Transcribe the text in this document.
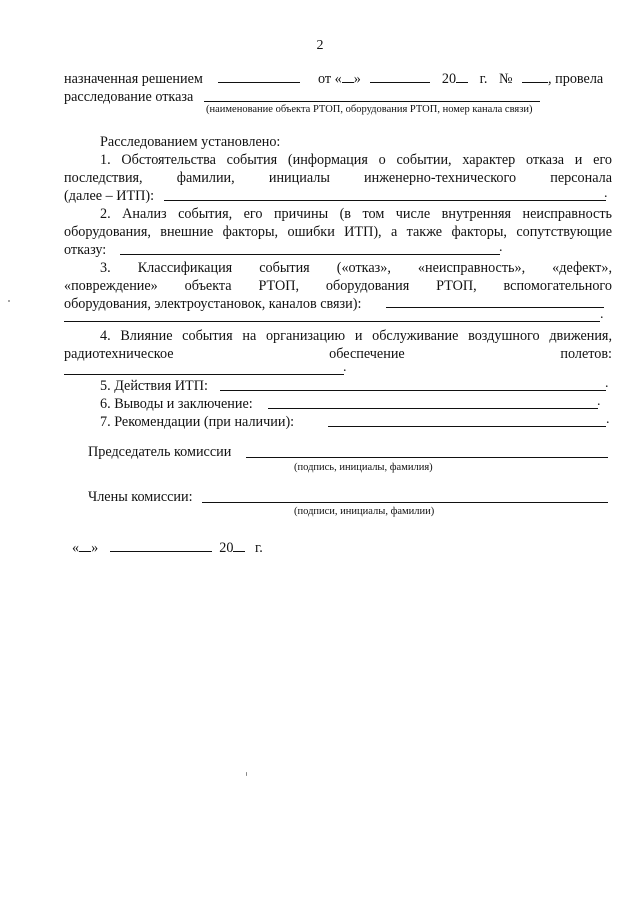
2
назначенная решением	от « »	20 г. №	, провела
расследование отказа
(наименование объекта РТОП, оборудования РТОП, номер канала связи)
Расследованием установлено:
1. Обстоятельства события (информация о событии, характер отказа и его
последствия, фамилии, инициалы инженерно-технического персонала
(далее – ИТП):	.
2. Анализ события, его причины (в том числе внутренняя неисправность
оборудования, внешние факторы, ошибки ИТП), а также факторы, сопутствующие
отказу:	.
3. Классификация события («отказ», «неисправность», «дефект»,
«повреждение» объекта РТОП, оборудования РТОП, вспомогательного
оборудования, электроустановок, каналов связи):
.
4. Влияние события на организацию и обслуживание воздушного движения,
радиотехническое обеспечение полетов:
.
5. Действия ИТП:	.
6. Выводы и заключение:	.
7. Рекомендации (при наличии):	.
Председатель комиссии
(подпись, инициалы, фамилия)
Члены комиссии:
(подписи, инициалы, фамилии)
« »	20 г.
